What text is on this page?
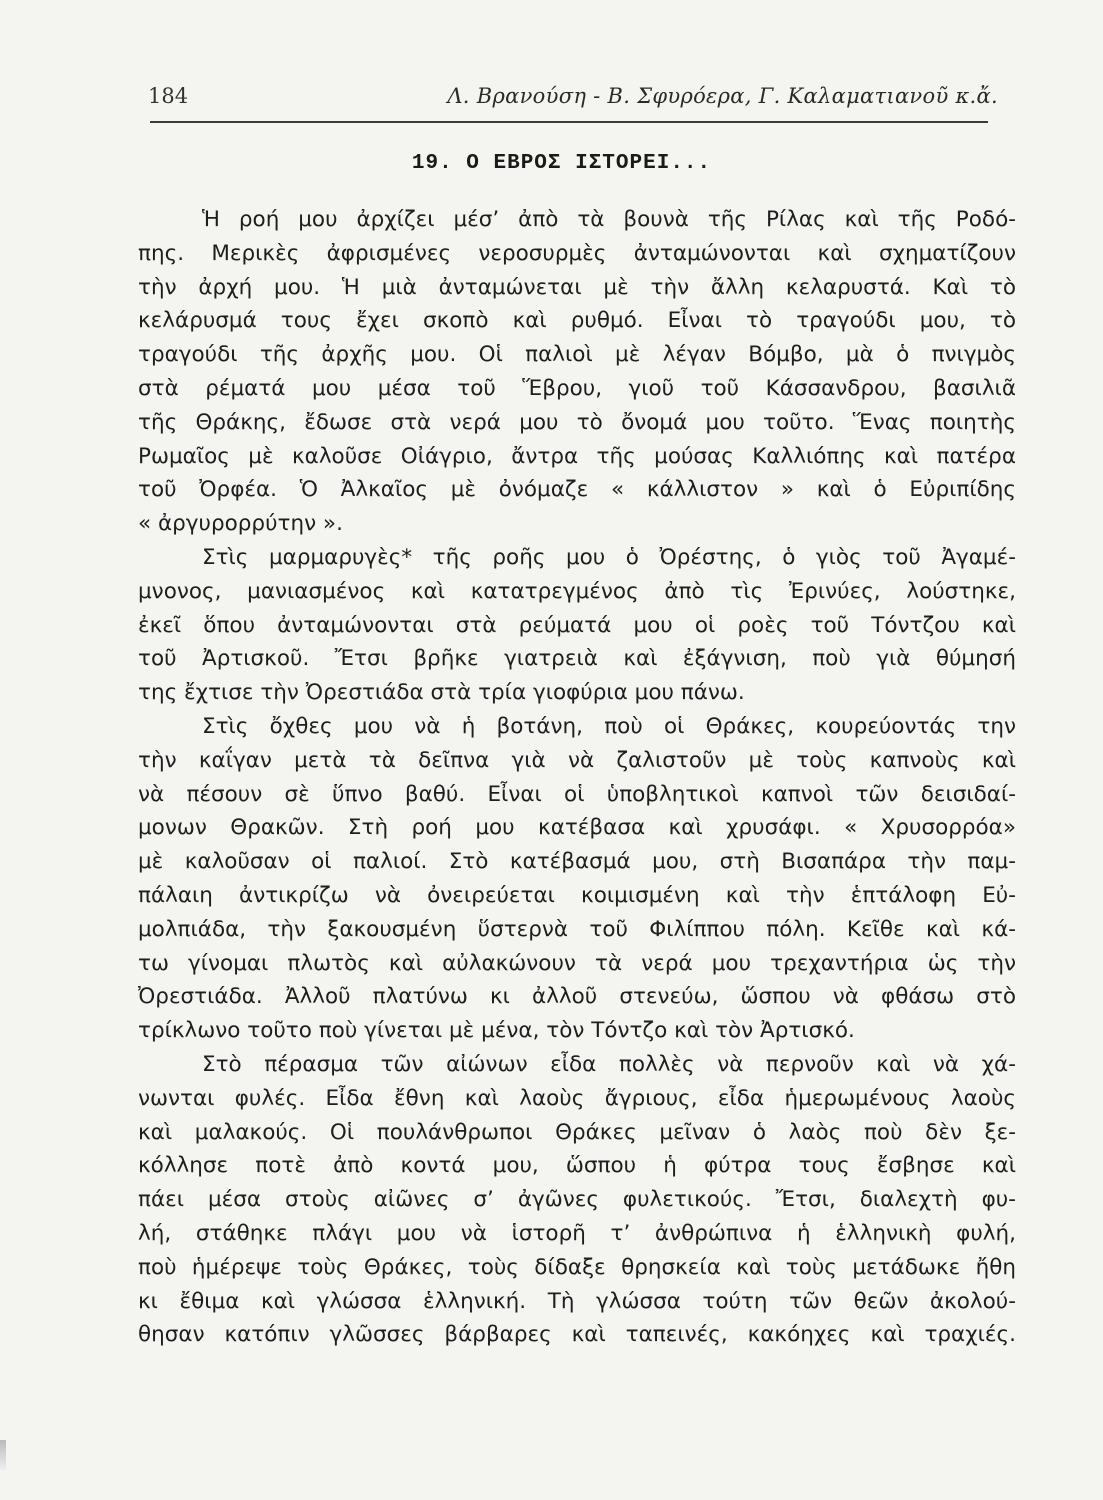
184	Λ. Βρανούση - Β. Σφυρόερα, Γ. Καλαματιανοῦ κ.ἄ.
19. Ο ΕΒΡΟΣ ΙΣΤΟΡΕΙ...
Ἡ ροή μου ἀρχίζει μέσ’ ἀπὸ τὰ βουνὰ τῆς Ρίλας καὶ τῆς Ροδό-
πης. Μερικὲς ἀφρισμένες νεροσυρμὲς ἀνταμώνονται καὶ σχηματίζουν
τὴν ἀρχή μου. Ἡ μιὰ ἀνταμώνεται μὲ τὴν ἄλλη κελαρυστά. Καὶ τὸ
κελάρυσμά τους ἔχει σκοπὸ καὶ ρυθμό. Εἶναι τὸ τραγούδι μου, τὸ
τραγούδι τῆς ἀρχῆς μου. Οἱ παλιοὶ μὲ λέγαν Βόμβο, μὰ ὁ πνιγμὸς
στὰ ρέματά μου μέσα τοῦ Ἕβρου, γιοῦ τοῦ Κάσσανδρου, βασιλιᾶ
τῆς Θράκης, ἔδωσε στὰ νερά μου τὸ ὄνομά μου τοῦτο. Ἕνας ποιητὴς
Ρωμαῖος μὲ καλοῦσε Οἰάγριο, ἄντρα τῆς μούσας Καλλιόπης καὶ πατέρα
τοῦ Ὀρφέα. Ὁ Ἀλκαῖος μὲ ὀνόμαζε « κάλλιστον » καὶ ὁ Εὐριπίδης
« ἀργυρορρύτην ».
Στὶς μαρμαρυγὲς* τῆς ροῆς μου ὁ Ὀρέστης, ὁ γιὸς τοῦ Ἀγαμέ-
μνονος, μανιασμένος καὶ κατατρεγμένος ἀπὸ τὶς Ἐρινύες, λούστηκε,
ἐκεῖ ὅπου ἀνταμώνονται στὰ ρεύματά μου οἱ ροὲς τοῦ Τόντζου καὶ
τοῦ Ἀρτισκοῦ. Ἔτσι βρῆκε γιατρειὰ καὶ ἐξάγνιση, ποὺ γιὰ θύμησή
της ἔχτισε τὴν Ὀρεστιάδα στὰ τρία γιοφύρια μου πάνω.
Στὶς ὄχθες μου νὰ ἡ βοτάνη, ποὺ οἱ Θράκες, κουρεύοντάς την
τὴν καΐγαν μετὰ τὰ δεῖπνα γιὰ νὰ ζαλιστοῦν μὲ τοὺς καπνοὺς καὶ
νὰ πέσουν σὲ ὕπνο βαθύ. Εἶναι οἱ ὑποβλητικοὶ καπνοὶ τῶν δεισιδαί-
μονων Θρακῶν. Στὴ ροή μου κατέβασα καὶ χρυσάφι. « Χρυσορρόα»
μὲ καλοῦσαν οἱ παλιοί. Στὸ κατέβασμά μου, στὴ Βισαπάρα τὴν παμ-
πάλαιη ἀντικρίζω νὰ ὀνειρεύεται κοιμισμένη καὶ τὴν ἑπτάλοφη Εὐ-
μολπιάδα, τὴν ξακουσμένη ὕστερνὰ τοῦ Φιλίππου πόλη. Κεῖθε καὶ κά-
τω γίνομαι πλωτὸς καὶ αὐλακώνουν τὰ νερά μου τρεχαντήρια ὡς τὴν
Ὀρεστιάδα. Ἀλλοῦ πλατύνω κι ἀλλοῦ στενεύω, ὥσπου νὰ φθάσω στὸ
τρίκλωνο τοῦτο ποὺ γίνεται μὲ μένα, τὸν Τόντζο καὶ τὸν Ἀρτισκό.
Στὸ πέρασμα τῶν αἰώνων εἶδα πολλὲς νὰ περνοῦν καὶ νὰ χά-
νωνται φυλές. Εἶδα ἔθνη καὶ λαοὺς ἄγριους, εἶδα ἡμερωμένους λαοὺς
καὶ μαλακούς. Οἱ πουλάνθρωποι Θράκες μεῖναν ὁ λαὸς ποὺ δὲν ξε-
κόλλησε ποτὲ ἀπὸ κοντά μου, ὥσπου ἡ φύτρα τους ἔσβησε καὶ
πάει μέσα στοὺς αἰῶνες σ’ ἀγῶνες φυλετικούς. Ἔτσι, διαλεχτὴ φυ-
λή, στάθηκε πλάγι μου νὰ ἱστορῆ τ’ ἀνθρώπινα ἡ ἑλληνικὴ φυλή,
ποὺ ἡμέρεψε τοὺς Θράκες, τοὺς δίδαξε θρησκεία καὶ τοὺς μετάδωκε ἤθη
κι ἔθιμα καὶ γλώσσα ἑλληνική. Τὴ γλώσσα τούτη τῶν θεῶν ἀκολού-
θησαν κατόπιν γλῶσσες βάρβαρες καὶ ταπεινές, κακόηχες καὶ τραχιές.
